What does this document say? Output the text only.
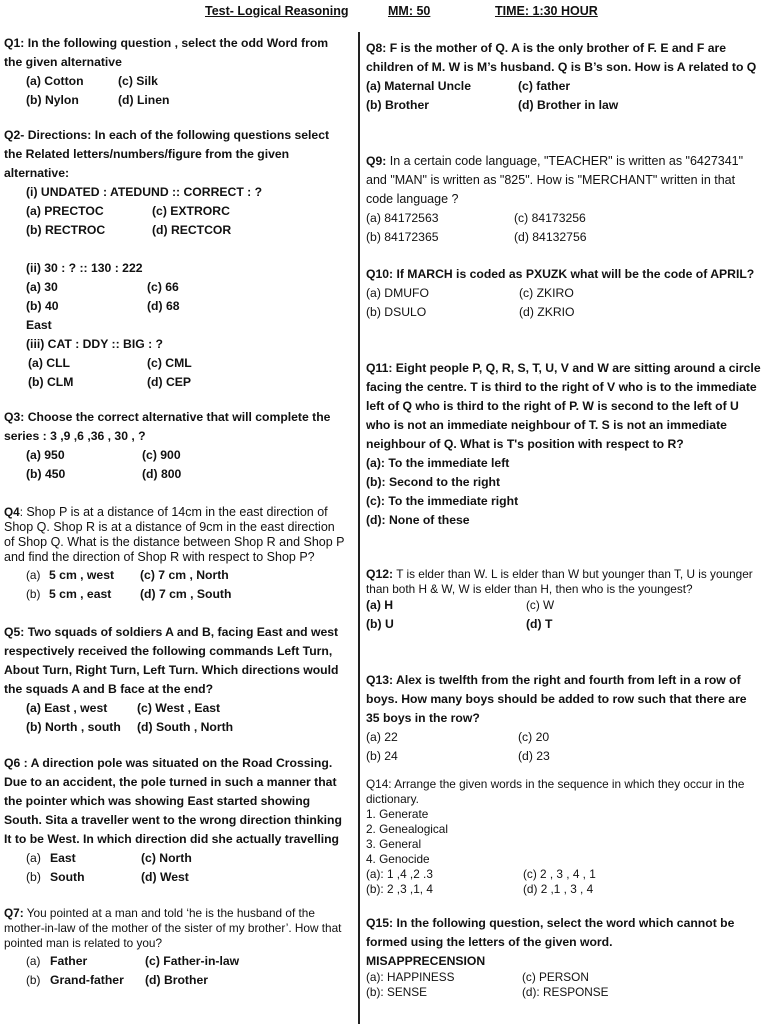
Test- Logical Reasoning	MM: 50	TIME: 1:30 HOUR

Q1: In the following question , select the odd Word from the given alternative

(a) Cotton	(c) Silk
(b) Nylon	(d) Linen

Q2- Directions: In each of the following questions select the Related letters/numbers/figure from the given alternative:

(i) UNDATED : ATEDUND :: CORRECT : ?
(a) PRECTOC	(c) EXTRORC
(b) RECTROC	(d) RECTCOR
(ii) 30 : ? :: 130 : 222
(a) 30	(c) 66
(b) 40	(d) 68
East
(iii) CAT : DDY :: BIG : ?
(a) CLL	(c) CML
(b) CLM	(d) CEP

Q3: Choose the correct alternative that will complete the series : 3 ,9 ,6 ,36 , 30 , ?

(a) 950	(c) 900
(b) 450	(d) 800

Q4: Shop P is at a distance of 14cm in the east direction of Shop Q. Shop R is at a distance of 9cm in the east direction of Shop Q. What is the distance between Shop R and Shop P and find the direction of Shop R with respect to Shop P?

(a) 5 cm , west (c) 7 cm , North
(b) 5 cm , east (d) 7 cm , South

Q5: Two squads of soldiers A and B, facing East and west respectively received the following commands Left Turn, About Turn, Right Turn, Left Turn. Which directions would the squads A and B face at the end?

(a) East , west (c) West , East
(b) North , south (d) South , North

Q6 : A direction pole was situated on the Road Crossing. Due to an accident, the pole turned in such a manner that the pointer which was showing East started showing South. Sita a traveller went to the wrong direction thinking It to be West. In which direction did she actually travelling

(a) East	(c) North
(b) South	(d) West

Q7: You pointed at a man and told ‘he is the husband of the mother-in-law of the mother of the sister of my brother’. How that pointed man is related to you?

(a) Father	(c) Father-in-law
(b) Grand-father (d) Brother

Q8: F is the mother of Q. A is the only brother of F. E and F are children of M. W is M’s husband. Q is B’s son. How is A related to Q

(a) Maternal Uncle	(c) father
(b) Brother	(d) Brother in law

Q9: In a certain code language, "TEACHER" is written as "6427341" and "MAN" is written as "825". How is "MERCHANT" written in that code language ?

(a) 84172563	(c) 84173256
(b) 84172365	(d) 84132756

Q10: If MARCH is coded as PXUZK what will be the code of APRIL?

(a) DMUFO	(c) ZKIRO
(b) DSULO	(d) ZKRIO

Q11: Eight people P, Q, R, S, T, U, V and W are sitting around a circle facing the centre. T is third to the right of V who is to the immediate left of Q who is third to the right of P. W is second to the left of U who is not an immediate neighbour of T. S is not an immediate neighbour of Q. What is T's position with respect to R?

(a): To the immediate left
(b): Second to the right
(c): To the immediate right
(d): None of these

Q12: T is elder than W. L is elder than W but younger than T, U is younger than both H & W, W is elder than H, then who is the youngest?

(a) H	(c) W
(b) U	(d) T

Q13: Alex is twelfth from the right and fourth from left in a row of boys. How many boys should be added to row such that there are 35 boys in the row?

(a) 22	(c) 20
(b) 24	(d) 23

Q14: Arrange the given words in the sequence in which they occur in the dictionary.

1. Generate
2. Genealogical
3. General
4. Genocide
(a): 1 ,4 ,2 .3	(c) 2 , 3 , 4 , 1
(b): 2 ,3 ,1, 4	(d) 2 ,1 , 3 , 4

Q15: In the following question, select the word which cannot be formed using the letters of the given word.

MISAPPRECENSION

(a): HAPPINESS	(c) PERSON
(b): SENSE	(d): RESPONSE
